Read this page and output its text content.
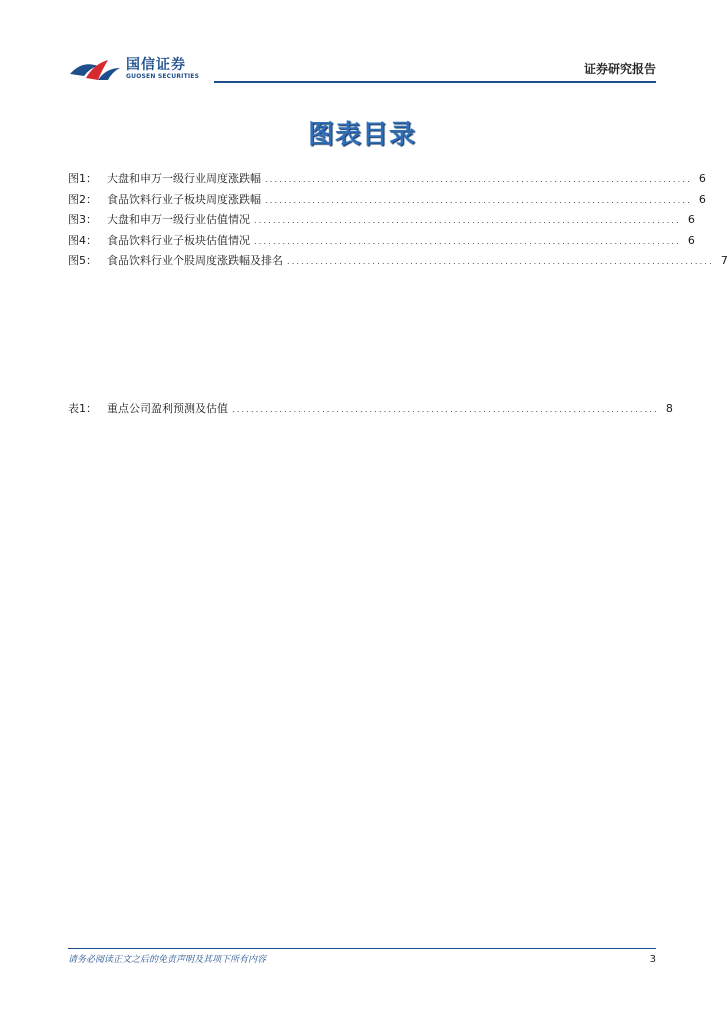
国信证券
GUOSEN SECURITIES
证券研究报告
图表目录
图1： 大盘和申万一级行业周度涨跌幅 .......................................................................................... 6
图2： 食品饮料行业子板块周度涨跌幅 .......................................................................................... 6
图3： 大盘和申万一级行业估值情况 .......................................................................................... 6
图4： 食品饮料行业子板块估值情况 .......................................................................................... 6
图5： 食品饮料行业个股周度涨跌幅及排名 .......................................................................................... 7
表1： 重点公司盈利预测及估值 .......................................................................................... 8
请务必阅读正文之后的免责声明及其项下所有内容	3
